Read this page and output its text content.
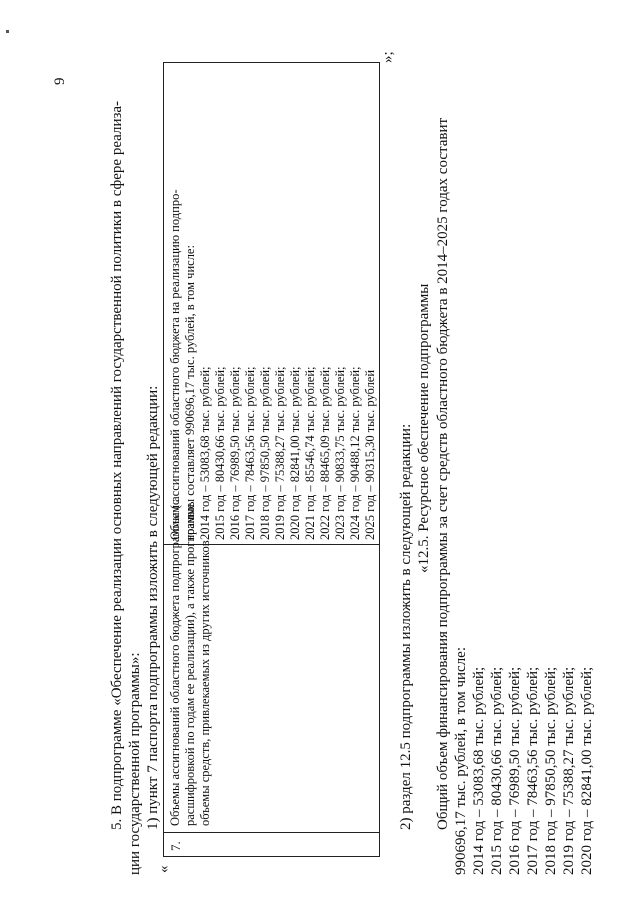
9
5. В подпрограмме «Обеспечение реализации основных направлений государственной политики в сфере реализа- ции государственной программы»: 1) пункт 7 паспорта подпрограммы изложить в следующей редакции:
«
7.
Объемы ассигнований областного бюджета подпрограммы (с расшифровкой по годам ее реализации), а также прогнозные объемы средств, привлекаемых из других источников
Объем ассигнований областного бюджета на реализацию подпро- граммы составляет 990696,17 тыс. рублей, в том числе: 2014 год – 53083,68 тыс. рублей; 2015 год – 80430,66 тыс. рублей; 2016 год – 76989,50 тыс. рублей; 2017 год – 78463,56 тыс. рублей; 2018 год – 97850,50 тыс. рублей; 2019 год – 75388,27 тыс. рублей; 2020 год – 82841,00 тыс. рублей; 2021 год – 85546,74 тыс. рублей; 2022 год – 88465,09 тыс. рублей; 2023 год – 90833,75 тыс. рублей; 2024 год – 90488,12 тыс. рублей; 2025 год – 90315,30 тыс. рублей
»;
2) раздел 12.5 подпрограммы изложить в следующей редакции: «12.5. Ресурсное обеспечение подпрограммы Общий объем финансирования подпрограммы за счет средств областного бюджета в 2014–2025 годах составит 990696,17 тыс. рублей, в том числе: 2014 год – 53083,68 тыс. рублей; 2015 год – 80430,66 тыс. рублей; 2016 год – 76989,50 тыс. рублей; 2017 год – 78463,56 тыс. рублей; 2018 год – 97850,50 тыс. рублей; 2019 год – 75388,27 тыс. рублей; 2020 год – 82841,00 тыс. рублей;
